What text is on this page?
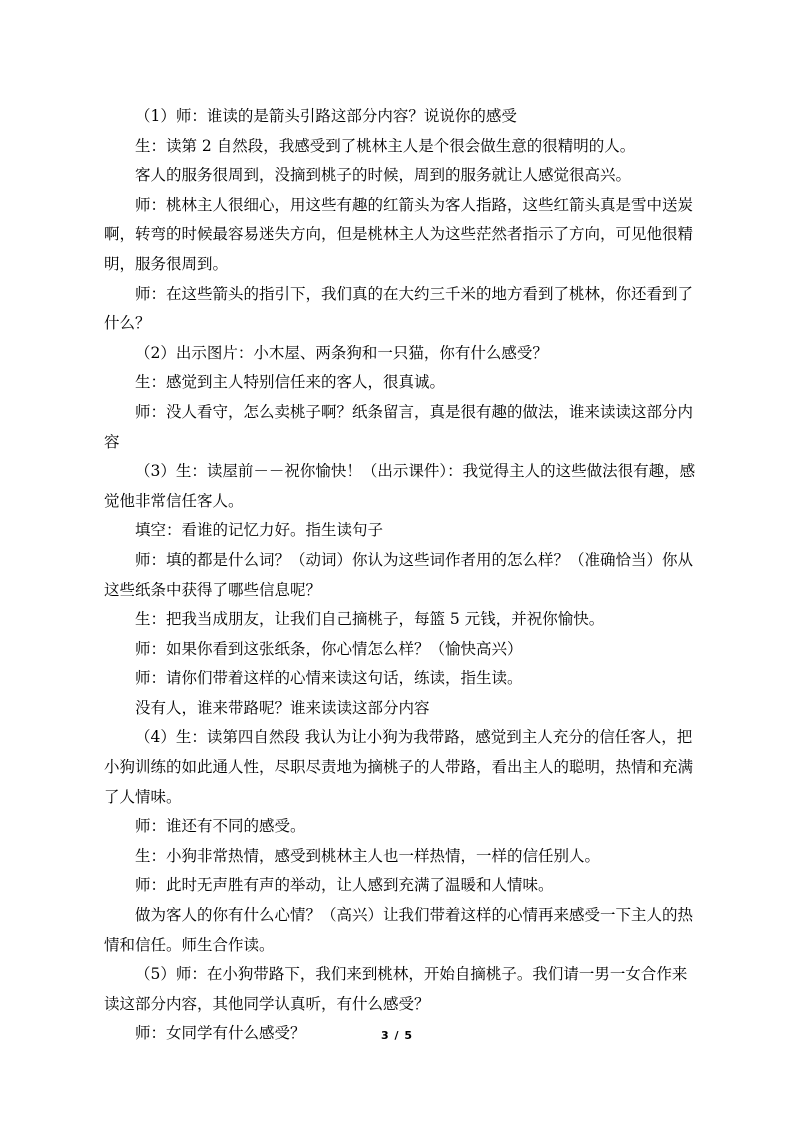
（1）师：谁读的是箭头引路这部分内容？说说你的感受

生：读第 2 自然段，我感受到了桃林主人是个很会做生意的很精明的人。

客人的服务很周到，没摘到桃子的时候，周到的服务就让人感觉很高兴。

师：桃林主人很细心，用这些有趣的红箭头为客人指路，这些红箭头真是雪中送炭啊，转弯的时候最容易迷失方向，但是桃林主人为这些茫然者指示了方向，可见他很精明，服务很周到。

师：在这些箭头的指引下，我们真的在大约三千米的地方看到了桃林，你还看到了什么？

（2）出示图片：小木屋、两条狗和一只猫，你有什么感受？

生：感觉到主人特别信任来的客人，很真诚。

师：没人看守，怎么卖桃子啊？纸条留言，真是很有趣的做法，谁来读读这部分内容

（3）生：读屋前－－祝你愉快！（出示课件）：我觉得主人的这些做法很有趣，感觉他非常信任客人。

填空：看谁的记忆力好。指生读句子

师：填的都是什么词？（动词）你认为这些词作者用的怎么样？（准确恰当）你从这些纸条中获得了哪些信息呢？

生：把我当成朋友，让我们自己摘桃子，每篮 5 元钱，并祝你愉快。

师：如果你看到这张纸条，你心情怎么样？（愉快高兴）

师：请你们带着这样的心情来读这句话，练读，指生读。

没有人，谁来带路呢？谁来读读这部分内容

（4）生：读第四自然段 我认为让小狗为我带路，感觉到主人充分的信任客人，把小狗训练的如此通人性，尽职尽责地为摘桃子的人带路，看出主人的聪明，热情和充满了人情味。

师：谁还有不同的感受。

生：小狗非常热情，感受到桃林主人也一样热情，一样的信任别人。

师：此时无声胜有声的举动，让人感到充满了温暖和人情味。

做为客人的你有什么心情？（高兴）让我们带着这样的心情再来感受一下主人的热情和信任。师生合作读。

（5）师：在小狗带路下，我们来到桃林，开始自摘桃子。我们请一男一女合作来读这部分内容，其他同学认真听，有什么感受？

师：女同学有什么感受？	3 / 5
